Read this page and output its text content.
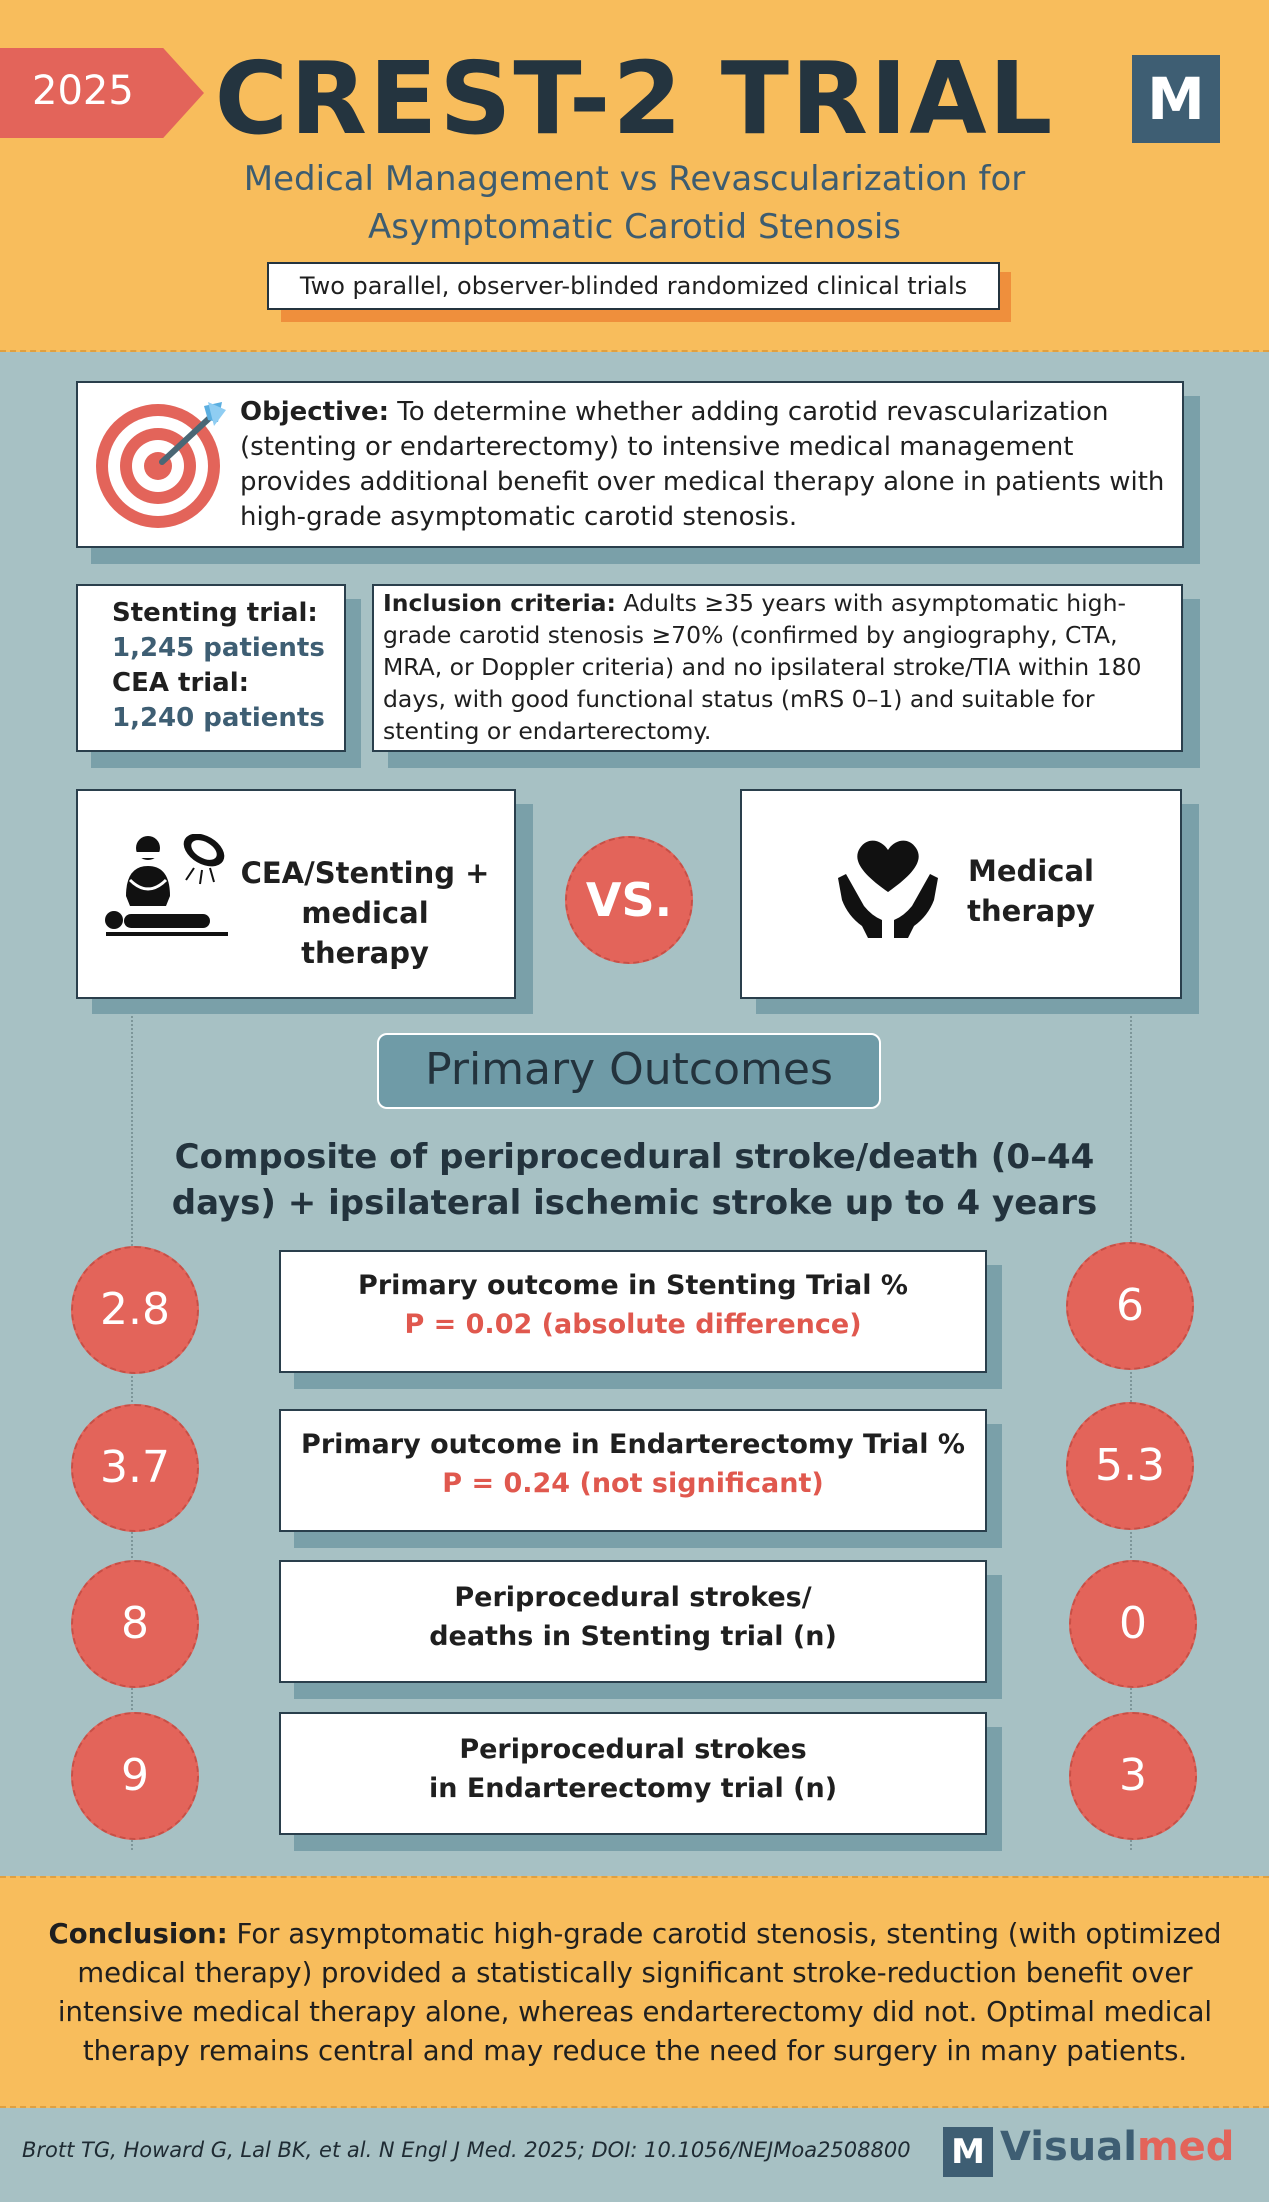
2025 CREST-2 TRIAL	M
Medical Management vs Revascularization for
Asymptomatic Carotid Stenosis
Two parallel, observer-blinded randomized clinical trials
Objective: To determine whether adding carotid revascularization (stenting or endarterectomy) to intensive medical management provides additional benefit over medical therapy alone in patients with high-grade asymptomatic carotid stenosis.
Stenting trial:
1,245 patients
CEA trial:
1,240 patients
Inclusion criteria: Adults ≥35 years with asymptomatic high-grade carotid stenosis ≥70% (confirmed by angiography, CTA, MRA, or Doppler criteria) and no ipsilateral stroke/TIA within 180 days, with good functional status (mRS 0–1) and suitable for stenting or endarterectomy.
CEA/Stenting +
medical therapy
VS.
Medical
therapy
Primary Outcomes
Composite of periprocedural stroke/death (0–44
days) + ipsilateral ischemic stroke up to 4 years
Primary outcome in Stenting Trial %
P = 0.02 (absolute difference)
2.8	6
Primary outcome in Endarterectomy Trial %
P = 0.24 (not significant)
3.7	5.3
Periprocedural strokes/
deaths in Stenting trial (n)
8	0
Periprocedural strokes
in Endarterectomy trial (n)
9	3

Conclusion: For asymptomatic high-grade carotid stenosis, stenting (with optimized medical therapy) provided a statistically significant stroke-reduction benefit over intensive medical therapy alone, whereas endarterectomy did not. Optimal medical therapy remains central and may reduce the need for surgery in many patients.

Brott TG, Howard G, Lal BK, et al. N Engl J Med. 2025; DOI: 10.1056/NEJMoa2508800 M Visualmed
